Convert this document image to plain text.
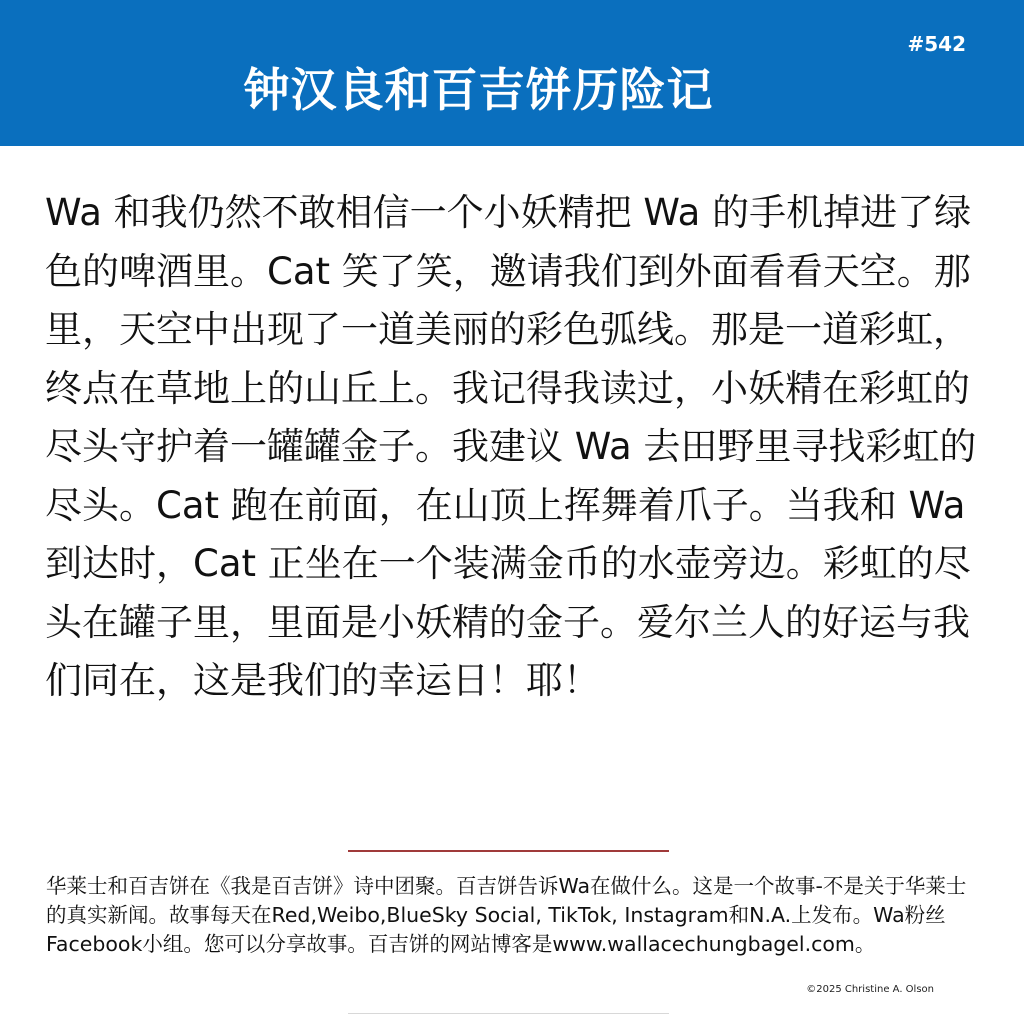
钟汉良和百吉饼历险记
#542

Wa 和我仍然不敢相信一个小妖精把 Wa 的手机掉进了绿色的啤酒里。Cat 笑了笑，邀请我们到外面看看天空。那里，天空中出现了一道美丽的彩色弧线。那是一道彩虹，终点在草地上的山丘上。我记得我读过，小妖精在彩虹的尽头守护着一罐罐金子。我建议 Wa 去田野里寻找彩虹的尽头。Cat 跑在前面，在山顶上挥舞着爪子。当我和 Wa 到达时，Cat 正坐在一个装满金币的水壶旁边。彩虹的尽头在罐子里，里面是小妖精的金子。爱尔兰人的好运与我们同在，这是我们的幸运日！耶！

华莱士和百吉饼在《我是百吉饼》诗中团聚。百吉饼告诉Wa在做什么。这是一个故事-不是关于华莱士的真实新闻。故事每天在Red,Weibo,BlueSky Social, TikTok, Instagram和N.A.上发布。Wa粉丝Facebook小组。您可以分享故事。百吉饼的网站博客是www.wallacechungbagel.com。

©2025 Christine A. Olson
